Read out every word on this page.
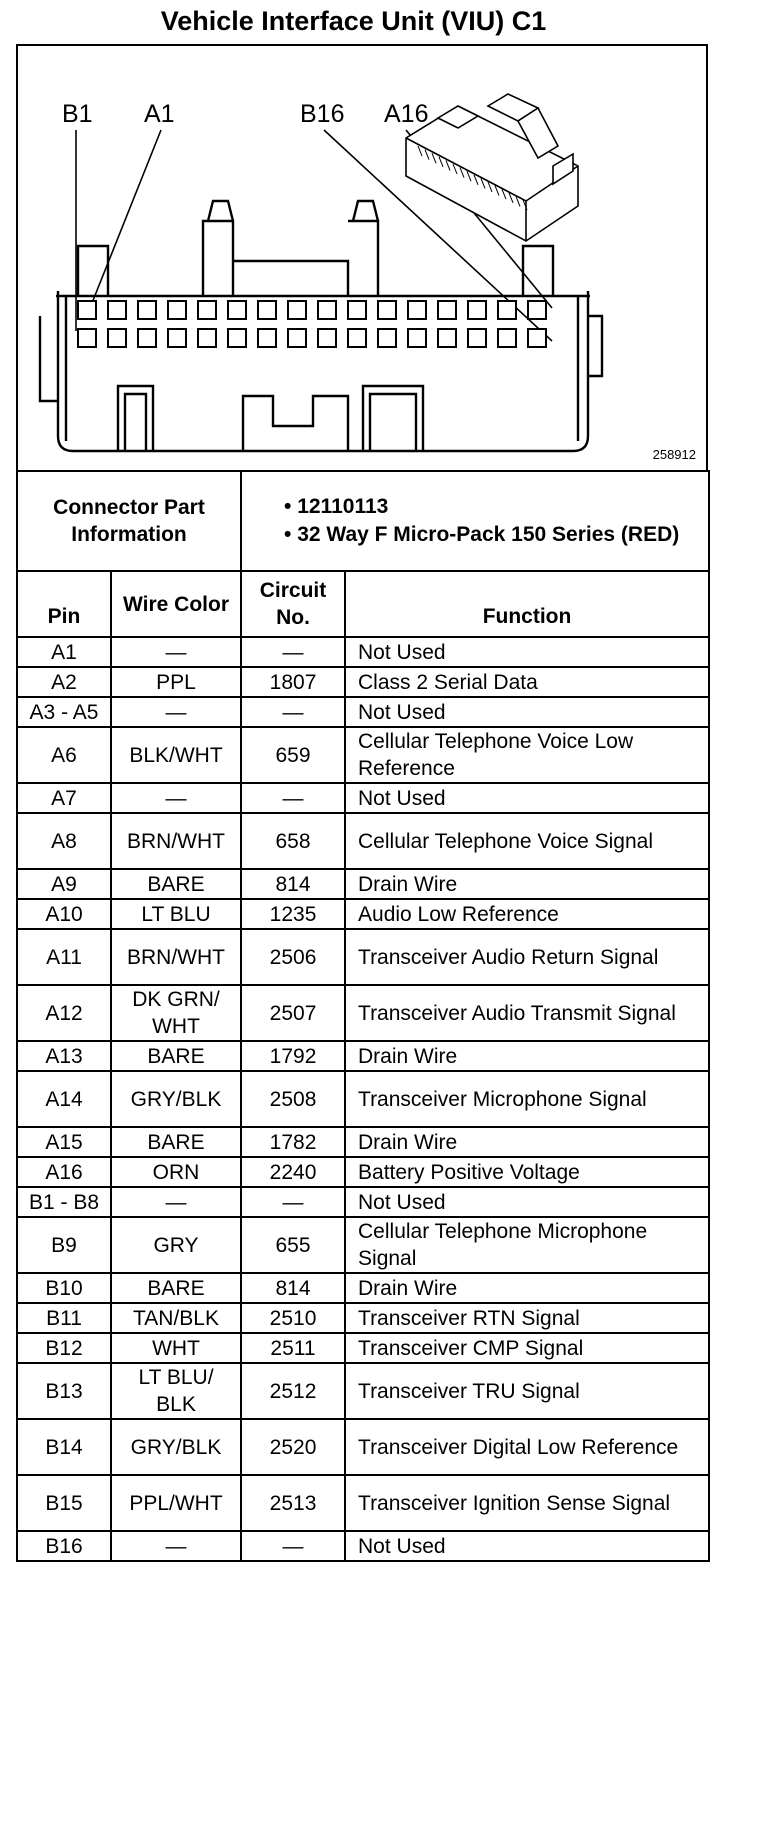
Vehicle Interface Unit (VIU) C1
B1 A1	B16 A16
258912
Connector Part Information		• 12110113
• 32 Way F Micro-Pack 150 Series (RED)	

Pin	Wire Color	Circuit No.	Function
A1	—	—	Not Used
A2	PPL	1807	Class 2 Serial Data
A3 - A5	—	—	Not Used
A6	BLK/WHT	659	Cellular Telephone Voice Low Reference
A7	—	—	Not Used
A8	BRN/WHT	658	Cellular Telephone Voice Signal
A9	BARE	814	Drain Wire
A10	LT BLU	1235	Audio Low Reference
A11	BRN/WHT	2506	Transceiver Audio Return Signal
A12	DK GRN/ WHT	2507	Transceiver Audio Transmit Signal
A13	BARE	1792	Drain Wire
A14	GRY/BLK	2508	Transceiver Microphone Signal
A15	BARE	1782	Drain Wire
A16	ORN	2240	Battery Positive Voltage
B1 - B8	—	—	Not Used
B9	GRY	655	Cellular Telephone Microphone Signal
B10	BARE	814	Drain Wire
B11	TAN/BLK	2510	Transceiver RTN Signal
B12	WHT	2511	Transceiver CMP Signal
B13	LT BLU/ BLK	2512	Transceiver TRU Signal
B14	GRY/BLK	2520	Transceiver Digital Low Reference
B15	PPL/WHT	2513	Transceiver Ignition Sense Signal
B16	—	—	Not Used
